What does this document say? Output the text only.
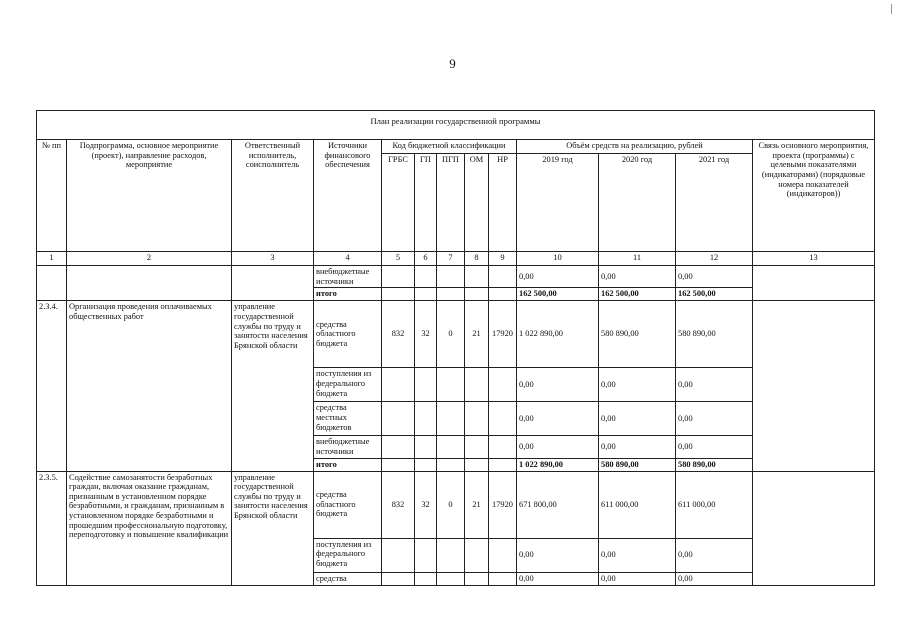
9
План реализации государственной программы												
№ пп	Подпрограмма, основное мероприятие (проект), направление расходов, мероприятие	Ответственный исполнитель, соисполнитель	Источники финансового обеспечения	Код бюджетной классификации					Объём средств на реализацию, рублей			Связь основного мероприятия, проекта (программы) с целевыми показателями (индикаторами) (порядковые номера показателей (индикаторов))
				ГРБС	ГП	ПГП	ОМ	НР	2019 год	2020 год	2021 год	
1	2	3	4	5	6	7	8	9	10	11	12	13
			внебюджетные источники						0,00	0,00	0,00	
			итого						162 500,00	162 500,00	162 500,00	
2.3.4.	Организация проведения оплачиваемых общественных работ	управление государственной службы по труду и занятости населения Брянской области	средства областного бюджета	832	32	0	21	17920	1 022 890,00	580 890,00	580 890,00	
			поступления из федерального бюджета						0,00	0,00	0,00	
			средства местных бюджетов						0,00	0,00	0,00	
			внебюджетные источники						0,00	0,00	0,00	
			итого						1 022 890,00	580 890,00	580 890,00	
2.3.5.	Содействие самозанятости безработных граждан, включая оказание гражданам, признанным в установленном порядке безработными, и гражданам, признанным в установленном порядке безработными и прошедшим профессиональную подготовку, переподготовку и повышение квалификации	управление государственной службы по труду и занятости населения Брянской области	средства областного бюджета	832	32	0	21	17920	671 800,00	611 000,00	611 000,00	
			поступления из федерального бюджета						0,00	0,00	0,00	
			средства						0,00	0,00	0,00	
